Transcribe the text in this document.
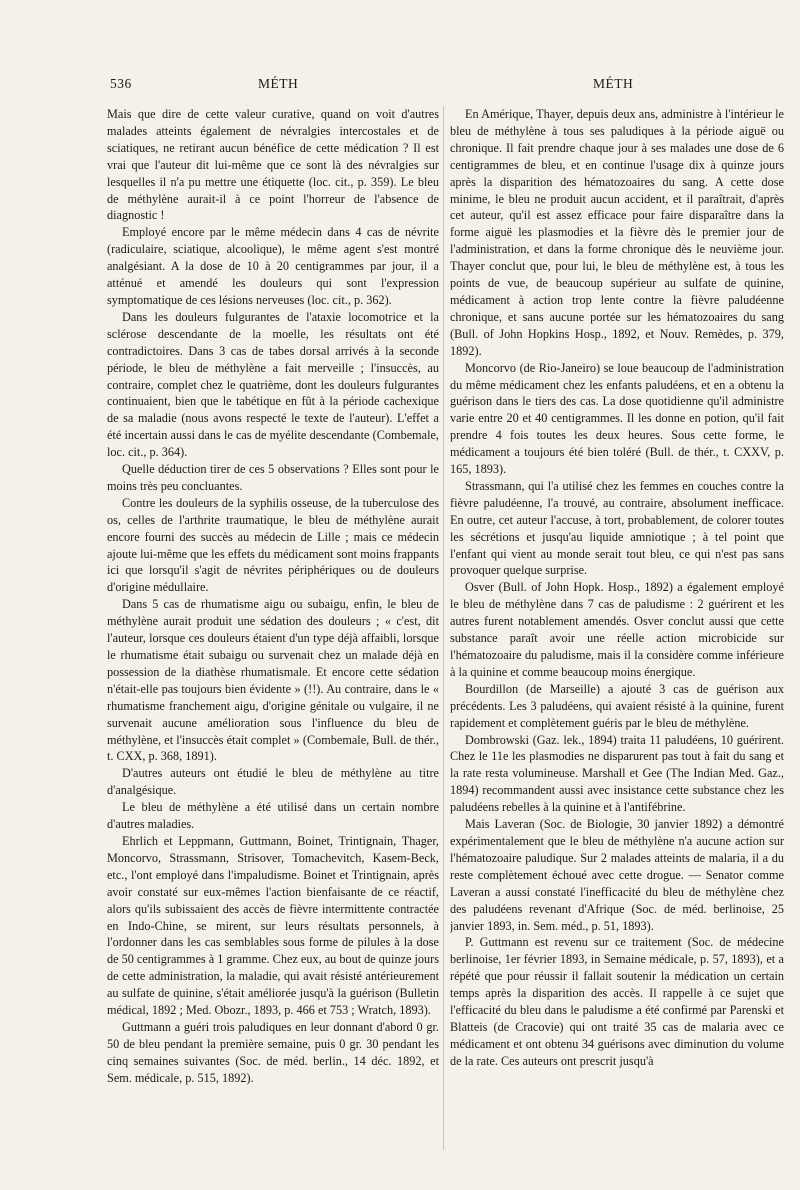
536	MÉTH	MÉTH

Mais que dire de cette valeur curative, quand on voit d'autres malades atteints également de névralgies intercostales et de sciatiques, ne retirant aucun bénéfice de cette médication ? Il est vrai que l'auteur dit lui-même que ce sont là des névralgies sur lesquelles il n'a pu mettre une étiquette (loc. cit., p. 359). Le bleu de méthylène aurait-il à ce point l'horreur de l'absence de diagnostic !

Employé encore par le même médecin dans 4 cas de névrite (radiculaire, sciatique, alcoolique), le même agent s'est montré analgésiant. A la dose de 10 à 20 centigrammes par jour, il a atténué et amendé les douleurs qui sont l'expression symptomatique de ces lésions nerveuses (loc. cit., p. 362).

Dans les douleurs fulgurantes de l'ataxie locomotrice et la sclérose descendante de la moelle, les résultats ont été contradictoires. Dans 3 cas de tabes dorsal arrivés à la seconde période, le bleu de méthylène a fait merveille ; l'insuccès, au contraire, complet chez le quatrième, dont les douleurs fulgurantes continuaient, bien que le tabétique en fût à la période cachexique de sa maladie (nous avons respecté le texte de l'auteur). L'effet a été incertain aussi dans le cas de myélite descendante (Combemale, loc. cit., p. 364).

Quelle déduction tirer de ces 5 observations ? Elles sont pour le moins très peu concluantes.

Contre les douleurs de la syphilis osseuse, de la tuberculose des os, celles de l'arthrite traumatique, le bleu de méthylène aurait encore fourni des succès au médecin de Lille ; mais ce médecin ajoute lui-même que les effets du médicament sont moins frappants ici que lorsqu'il s'agit de névrites périphériques ou de douleurs d'origine médullaire.

Dans 5 cas de rhumatisme aigu ou subaigu, enfin, le bleu de méthylène aurait produit une sédation des douleurs ; « c'est, dit l'auteur, lorsque ces douleurs étaient d'un type déjà affaibli, lorsque le rhumatisme était subaigu ou survenait chez un malade déjà en possession de la diathèse rhumatismale. Et encore cette sédation n'était-elle pas toujours bien évidente » (!!). Au contraire, dans le « rhumatisme franchement aigu, d'origine génitale ou vulgaire, il ne survenait aucune amélioration sous l'influence du bleu de méthylène, et l'insuccès était complet » (Combemale, Bull. de thér., t. CXX, p. 368, 1891).

D'autres auteurs ont étudié le bleu de méthylène au titre d'analgésique.

Le bleu de méthylène a été utilisé dans un certain nombre d'autres maladies.

Ehrlich et Leppmann, Guttmann, Boinet, Trintignain, Thager, Moncorvo, Strassmann, Strisover, Tomachevitch, Kasem-Beck, etc., l'ont employé dans l'impaludisme. Boinet et Trintignain, après avoir constaté sur eux-mêmes l'action bienfaisante de ce réactif, alors qu'ils subissaient des accès de fièvre intermittente contractée en Indo-Chine, se mirent, sur leurs résultats personnels, à l'ordonner dans les cas semblables sous forme de pilules à la dose de 50 centigrammes à 1 gramme. Chez eux, au bout de quinze jours de cette administration, la maladie, qui avait résisté antérieurement au sulfate de quinine, s'était améliorée jusqu'à la guérison (Bulletin médical, 1892 ; Med. Obozr., 1893, p. 466 et 753 ; Wratch, 1893).

Guttmann a guéri trois paludiques en leur donnant d'abord 0 gr. 50 de bleu pendant la première semaine, puis 0 gr. 30 pendant les cinq semaines suivantes (Soc. de méd. berlin., 14 déc. 1892, et Sem. médicale, p. 515, 1892).

En Amérique, Thayer, depuis deux ans, administre à l'intérieur le bleu de méthylène à tous ses paludiques à la période aiguë ou chronique. Il fait prendre chaque jour à ses malades une dose de 6 centigrammes de bleu, et en continue l'usage dix à quinze jours après la disparition des hématozoaires du sang. A cette dose minime, le bleu ne produit aucun accident, et il paraîtrait, d'après cet auteur, qu'il est assez efficace pour faire disparaître dans la forme aiguë les plasmodies et la fièvre dès le premier jour de l'administration, et dans la forme chronique dès le neuvième jour. Thayer conclut que, pour lui, le bleu de méthylène est, à tous les points de vue, de beaucoup supérieur au sulfate de quinine, médicament à action trop lente contre la fièvre paludéenne chronique, et sans aucune portée sur les hématozoaires du sang (Bull. of John Hopkins Hosp., 1892, et Nouv. Remèdes, p. 379, 1892).

Moncorvo (de Rio-Janeiro) se loue beaucoup de l'administration du même médicament chez les enfants paludéens, et en a obtenu la guérison dans le tiers des cas. La dose quotidienne qu'il administre varie entre 20 et 40 centigrammes. Il les donne en potion, qu'il fait prendre 4 fois toutes les deux heures. Sous cette forme, le médicament a toujours été bien toléré (Bull. de thér., t. CXXV, p. 165, 1893).

Strassmann, qui l'a utilisé chez les femmes en couches contre la fièvre paludéenne, l'a trouvé, au contraire, absolument inefficace. En outre, cet auteur l'accuse, à tort, probablement, de colorer toutes les sécrétions et jusqu'au liquide amniotique ; à tel point que l'enfant qui vient au monde serait tout bleu, ce qui n'est pas sans provoquer quelque surprise.

Osver (Bull. of John Hopk. Hosp., 1892) a également employé le bleu de méthylène dans 7 cas de paludisme : 2 guérirent et les autres furent notablement amendés. Osver conclut aussi que cette substance paraît avoir une réelle action microbicide sur l'hématozoaire du paludisme, mais il la considère comme inférieure à la quinine et comme beaucoup moins énergique.

Bourdillon (de Marseille) a ajouté 3 cas de guérison aux précédents. Les 3 paludéens, qui avaient résisté à la quinine, furent rapidement et complètement guéris par le bleu de méthylène.

Dombrowski (Gaz. lek., 1894) traita 11 paludéens, 10 guérirent. Chez le 11e les plasmodies ne disparurent pas tout à fait du sang et la rate resta volumineuse. Marshall et Gee (The Indian Med. Gaz., 1894) recommandent aussi avec insistance cette substance chez les paludéens rebelles à la quinine et à l'antifébrine.

Mais Laveran (Soc. de Biologie, 30 janvier 1892) a démontré expérimentalement que le bleu de méthylène n'a aucune action sur l'hématozoaire paludique. Sur 2 malades atteints de malaria, il a du reste complètement échoué avec cette drogue. — Senator comme Laveran a aussi constaté l'inefficacité du bleu de méthylène chez des paludéens revenant d'Afrique (Soc. de méd. berlinoise, 25 janvier 1893, in. Sem. méd., p. 51, 1893).

P. Guttmann est revenu sur ce traitement (Soc. de médecine berlinoise, 1er février 1893, in Semaine médicale, p. 57, 1893), et a répété que pour réussir il fallait soutenir la médication un certain temps après la disparition des accès. Il rappelle à ce sujet que l'efficacité du bleu dans le paludisme a été confirmé par Parenski et Blatteis (de Cracovie) qui ont traité 35 cas de malaria avec ce médicament et ont obtenu 34 guérisons avec diminution du volume de la rate. Ces auteurs ont prescrit jusqu'à
